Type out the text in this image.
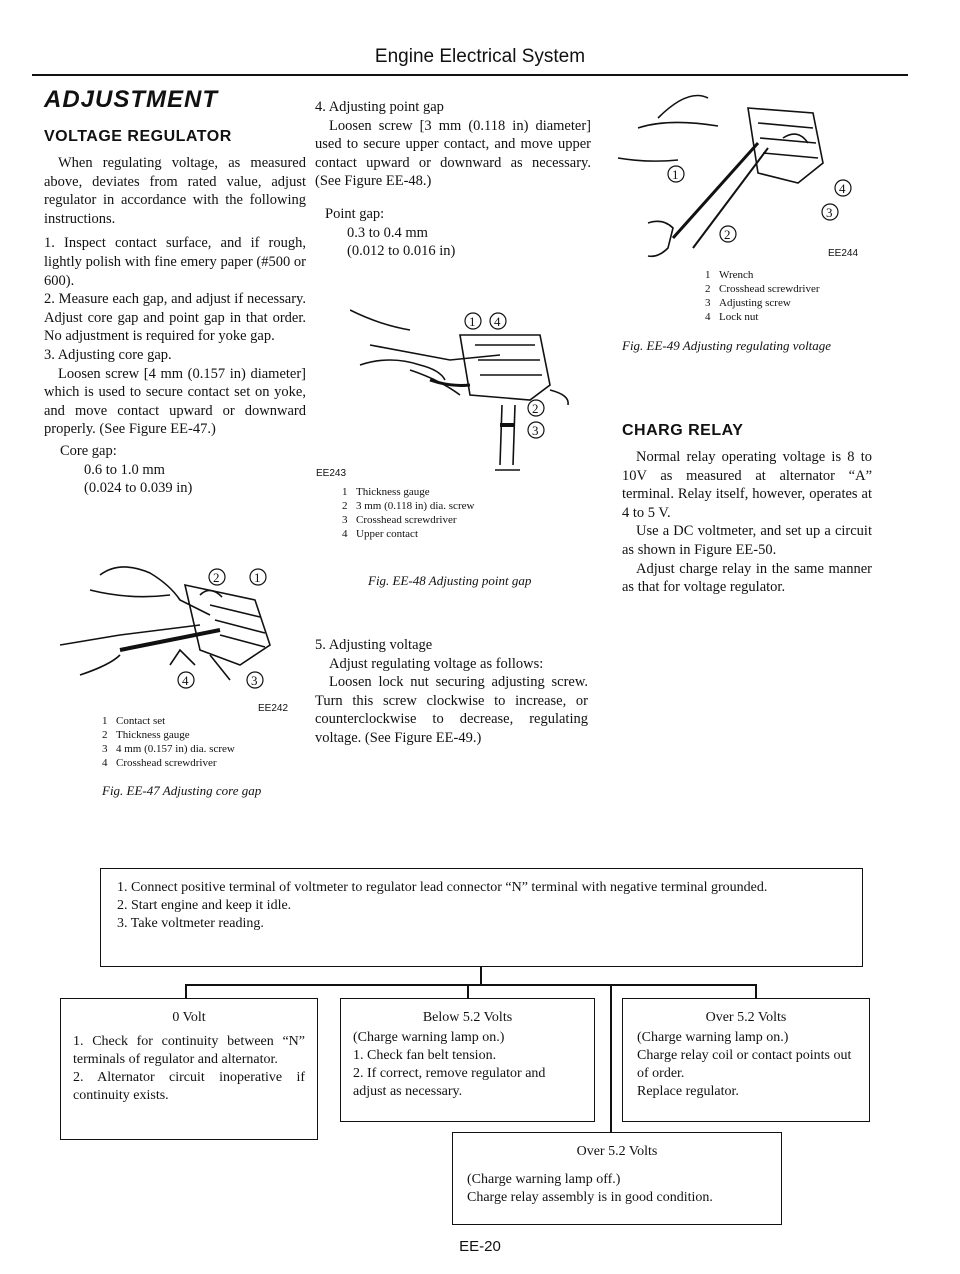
Engine Electrical System
ADJUSTMENT
VOLTAGE REGULATOR
When regulating voltage, as measured above, deviates from rated value, adjust regulator in accordance with the following instructions.
1. Inspect contact surface, and if rough, lightly polish with fine emery paper (#500 or 600).
2. Measure each gap, and adjust if necessary. Adjust core gap and point gap in that order. No adjustment is required for yoke gap.
3. Adjusting core gap.
Loosen screw [4 mm (0.157 in) diameter] which is used to secure contact set on yoke, and move contact upward or downward properly. (See Figure EE-47.)
Core gap:
0.6 to 1.0 mm
(0.024 to 0.039 in)
2	1
4	3
EE242
1 Contact set
2 Thickness gauge
3 4 mm (0.157 in) dia. screw
4 Crosshead screwdriver
Fig. EE-47 Adjusting core gap
4. Adjusting point gap
Loosen screw [3 mm (0.118 in) diameter] used to secure upper contact, and move upper contact upward or downward as necessary. (See Figure EE-48.)
Point gap:
0.3 to 0.4 mm
(0.012 to 0.016 in)
1 4
2
3
EE243
1 Thickness gauge
2 3 mm (0.118 in) dia. screw
3 Crosshead screwdriver
4 Upper contact
Fig. EE-48 Adjusting point gap
5. Adjusting voltage
Adjust regulating voltage as follows:
Loosen lock nut securing adjusting screw. Turn this screw clockwise to increase, or counterclockwise to decrease, regulating voltage. (See Figure EE-49.)
1
4
3
2
EE244
1 Wrench
2 Crosshead screwdriver
3 Adjusting screw
4 Lock nut
Fig. EE-49 Adjusting regulating voltage
CHARG RELAY
Normal relay operating voltage is 8 to 10V as measured at alternator “A” terminal. Relay itself, however, operates at 4 to 5 V.
Use a DC voltmeter, and set up a circuit as shown in Figure EE-50.
Adjust charge relay in the same manner as that for voltage regulator.
1. Connect positive terminal of voltmeter to regulator lead connector “N” terminal with negative terminal grounded.
2. Start engine and keep it idle.
3. Take voltmeter reading.
0 Volt
1. Check for continuity between “N” terminals of regulator and alternator.
2. Alternator circuit inoperative if continuity exists.
Below 5.2 Volts
(Charge warning lamp on.)
1. Check fan belt tension.
2. If correct, remove regulator and adjust as necessary.
Over 5.2 Volts
(Charge warning lamp on.)
Charge relay coil or contact points out of order.
Replace regulator.
Over 5.2 Volts
(Charge warning lamp off.)
Charge relay assembly is in good condition.
EE-20
